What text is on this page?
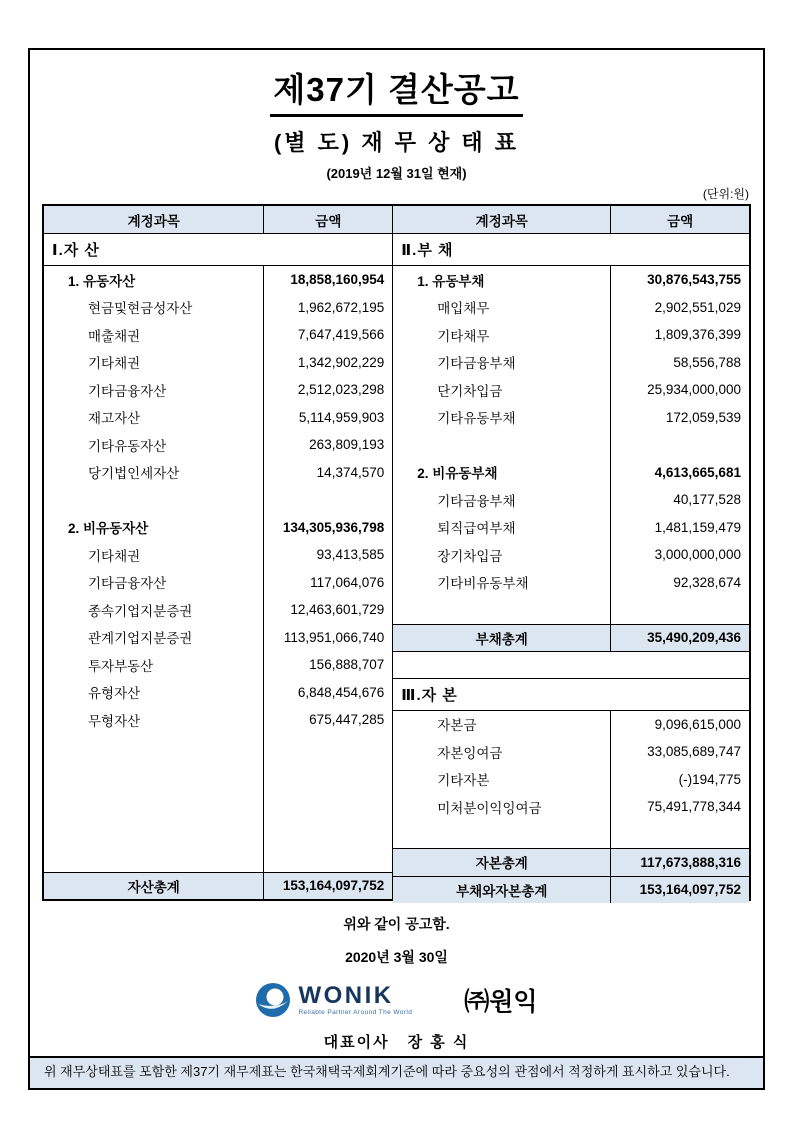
제37기 결산공고
(별 도) 재 무 상 태 표
(2019년 12월 31일 현재)
(단위:원)
계정과목	금액
Ⅰ.자 산
1. 유동자산	18,858,160,954
현금및현금성자산	1,962,672,195
매출채권	7,647,419,566
기타채권	1,342,902,229
기타금융자산	2,512,023,298
재고자산	5,114,959,903
기타유동자산	263,809,193
당기법인세자산	14,374,570
2. 비유동자산	134,305,936,798
기타채권	93,413,585
기타금융자산	117,064,076
종속기업지분증권	12,463,601,729
관계기업지분증권	113,951,066,740
투자부동산	156,888,707
유형자산	6,848,454,676
무형자산	675,447,285
자산총계	153,164,097,752
계정과목	금액
Ⅱ.부 채
1. 유동부채	30,876,543,755
매입채무	2,902,551,029
기타채무	1,809,376,399
기타금융부채	58,556,788
단기차입금	25,934,000,000
기타유동부채	172,059,539
2. 비유동부채	4,613,665,681
기타금융부채	40,177,528
퇴직급여부채	1,481,159,479
장기차입금	3,000,000,000
기타비유동부채	92,328,674
부채총계	35,490,209,436
Ⅲ.자 본
자본금	9,096,615,000
자본잉여금	33,085,689,747
기타자본	(-)194,775
미처분이익잉여금	75,491,778,344
자본총계	117,673,888,316
부채와자본총계	153,164,097,752
위와 같이 공고함.
2020년 3월 30일
WONIK
Reliable Partner Around The World ㈜원익
대표이사 장 홍 식
위 재무상태표를 포함한 제37기 재무제표는 한국채택국제회계기준에 따라 중요성의 관점에서 적정하게 표시하고 있습니다.
